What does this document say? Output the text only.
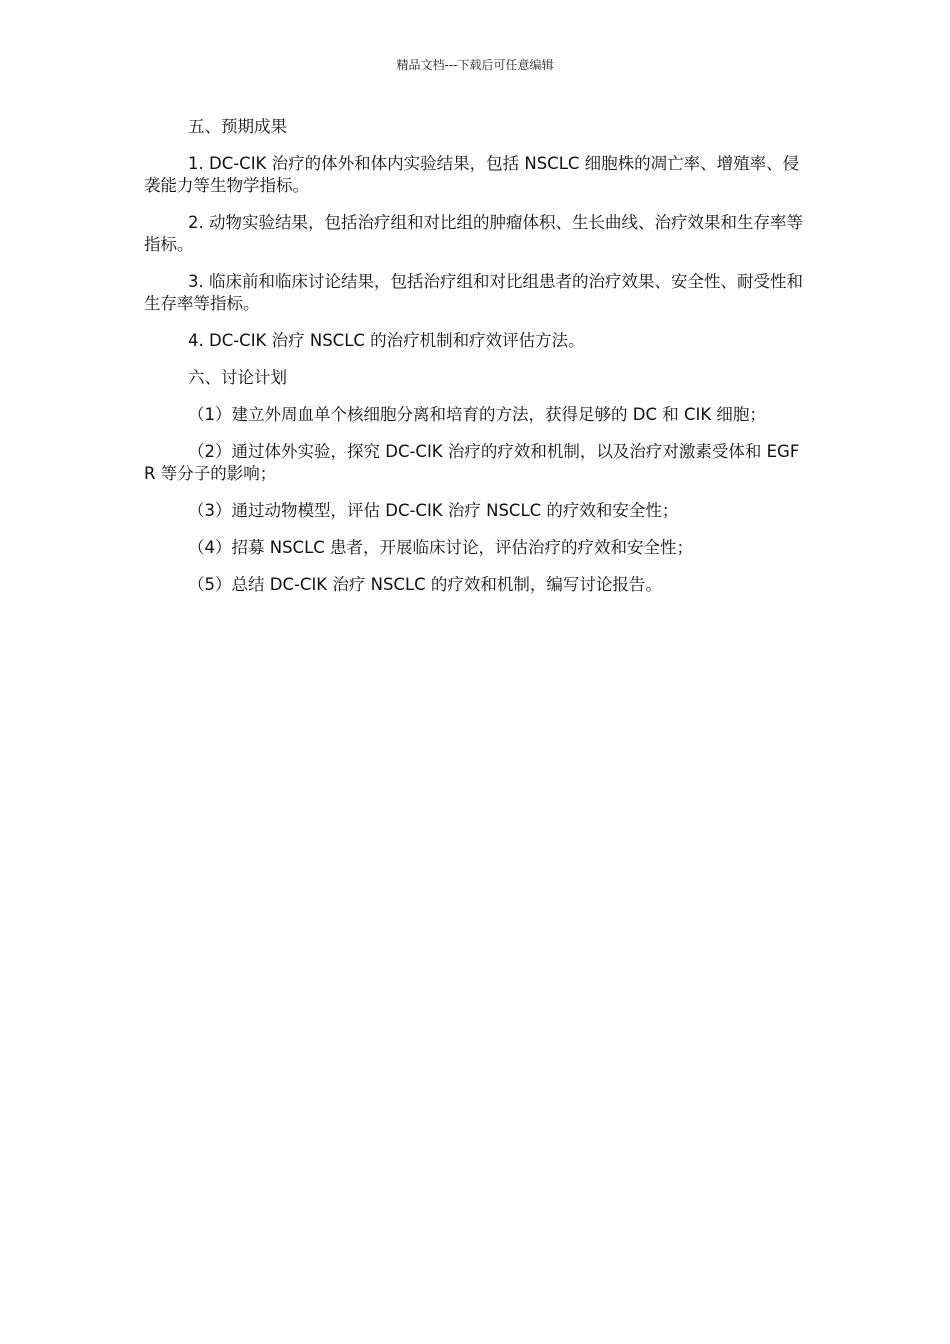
精品文档---下载后可任意编辑

五、预期成果

1. DC-CIK 治疗的体外和体内实验结果，包括 NSCLC 细胞株的凋亡率、增殖率、侵袭能力等生物学指标。

2. 动物实验结果，包括治疗组和对比组的肿瘤体积、生长曲线、治疗效果和生存率等指标。

3. 临床前和临床讨论结果，包括治疗组和对比组患者的治疗效果、安全性、耐受性和生存率等指标。

4. DC-CIK 治疗 NSCLC 的治疗机制和疗效评估方法。

六、讨论计划

（1）建立外周血单个核细胞分离和培育的方法，获得足够的 DC 和 CIK 细胞；

（2）通过体外实验，探究 DC-CIK 治疗的疗效和机制，以及治疗对激素受体和 EGFR 等分子的影响；

（3）通过动物模型，评估 DC-CIK 治疗 NSCLC 的疗效和安全性；

（4）招募 NSCLC 患者，开展临床讨论，评估治疗的疗效和安全性；

（5）总结 DC-CIK 治疗 NSCLC 的疗效和机制，编写讨论报告。
